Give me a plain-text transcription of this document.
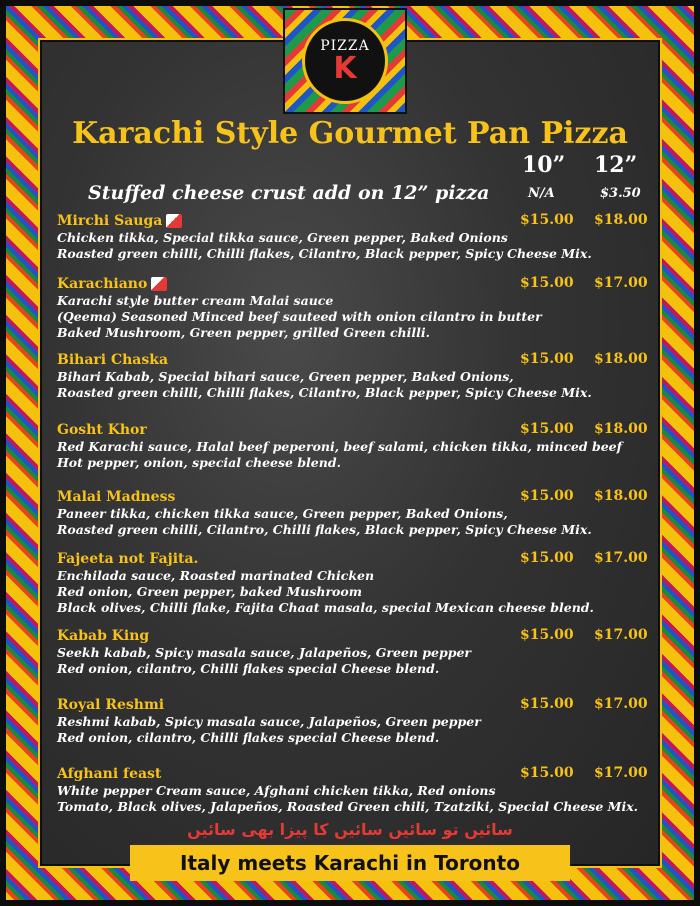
PIZZA
K
Karachi Style Gourmet Pan Pizza
10” 12”
Stuffed cheese crust add on 12” pizza	N/A	$3.50
Mirchi Sauga	$15.00 $18.00
Chicken tikka, Special tikka sauce, Green pepper, Baked Onions
Roasted green chilli, Chilli flakes, Cilantro, Black pepper, Spicy Cheese Mix.
Karachiano	$15.00 $17.00
Karachi style butter cream Malai sauce
(Qeema) Seasoned Minced beef sauteed with onion cilantro in butter
Baked Mushroom, Green pepper, grilled Green chilli.
Bihari Chaska	$15.00 $18.00
Bihari Kabab, Special bihari sauce, Green pepper, Baked Onions,
Roasted green chilli, Chilli flakes, Cilantro, Black pepper, Spicy Cheese Mix.
Gosht Khor	$15.00 $18.00
Red Karachi sauce, Halal beef peperoni, beef salami, chicken tikka, minced beef
Hot pepper, onion, special cheese blend.
Malai Madness	$15.00 $18.00
Paneer tikka, chicken tikka sauce, Green pepper, Baked Onions,
Roasted green chilli, Cilantro, Chilli flakes, Black pepper, Spicy Cheese Mix.
Fajeeta not Fajita.	$15.00 $17.00
Enchilada sauce, Roasted marinated Chicken
Red onion, Green pepper, baked Mushroom
Black olives, Chilli flake, Fajita Chaat masala, special Mexican cheese blend.
Kabab King	$15.00 $17.00
Seekh kabab, Spicy masala sauce, Jalapeños, Green pepper
Red onion, cilantro, Chilli flakes special Cheese blend.
Royal Reshmi	$15.00 $17.00
Reshmi kabab, Spicy masala sauce, Jalapeños, Green pepper
Red onion, cilantro, Chilli flakes special Cheese blend.
Afghani feast	$15.00 $17.00
White pepper Cream sauce, Afghani chicken tikka, Red onions
Tomato, Black olives, Jalapeños, Roasted Green chili, Tzatziki, Special Cheese Mix.
سائیں تو سائیں سائیں کا پیزا بھی سائیں
Italy meets Karachi in Toronto
